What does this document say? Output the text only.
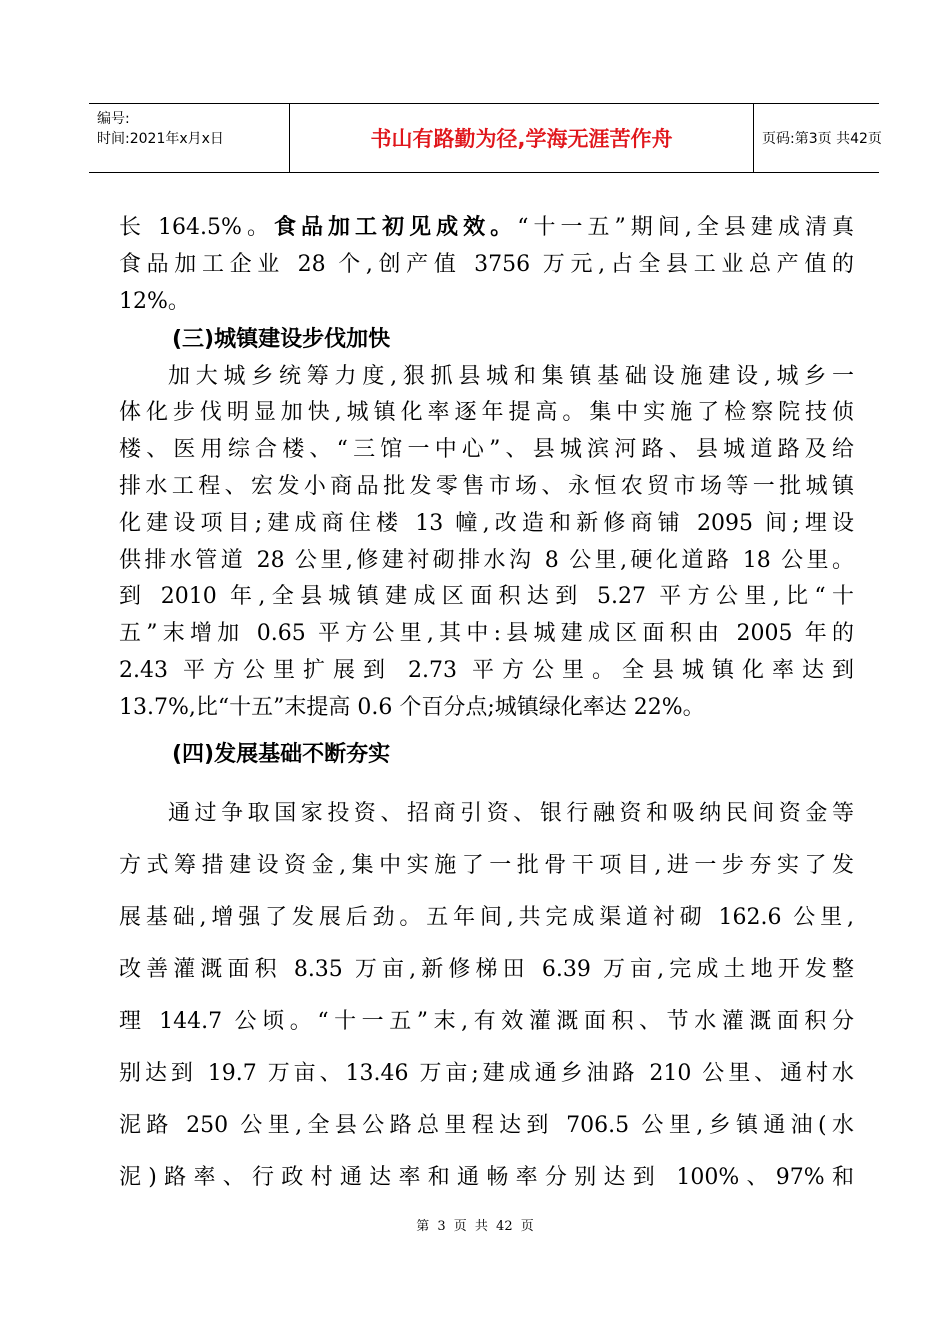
编号:
时间:2021年x月x日	书山有路勤为径,学海无涯苦作舟	页码:第3页 共42页
长 164.5%。食品加工初见成效。“十一五”期间,全县建成清真
食品加工企业 28 个,创产值 3756 万元,占全县工业总产值的
12%。
(三)城镇建设步伐加快
加大城乡统筹力度,狠抓县城和集镇基础设施建设,城乡一
体化步伐明显加快,城镇化率逐年提高。集中实施了检察院技侦
楼、医用综合楼、“三馆一中心”、县城滨河路、县城道路及给
排水工程、宏发小商品批发零售市场、永恒农贸市场等一批城镇
化建设项目;建成商住楼 13 幢,改造和新修商铺 2095 间;埋设
供排水管道 28 公里,修建衬砌排水沟 8 公里,硬化道路 18 公里。
到 2010 年,全县城镇建成区面积达到 5.27 平方公里,比“十
五”末增加 0.65 平方公里,其中:县城建成区面积由 2005 年的
2.43 平方公里扩展到 2.73 平方公里。全县城镇化率达到
13.7%,比“十五”末提高 0.6 个百分点;城镇绿化率达 22%。
(四)发展基础不断夯实
通过争取国家投资、招商引资、银行融资和吸纳民间资金等
方式筹措建设资金,集中实施了一批骨干项目,进一步夯实了发
展基础,增强了发展后劲。五年间,共完成渠道衬砌 162.6 公里,
改善灌溉面积 8.35 万亩,新修梯田 6.39 万亩,完成土地开发整
理 144.7 公顷。“十一五”末,有效灌溉面积、节水灌溉面积分
别达到 19.7 万亩、13.46 万亩;建成通乡油路 210 公里、通村水
泥路 250 公里,全县公路总里程达到 706.5 公里,乡镇通油(水
泥)路率、行政村通达率和通畅率分别达到 100%、97%和
第 3 页 共 42 页
